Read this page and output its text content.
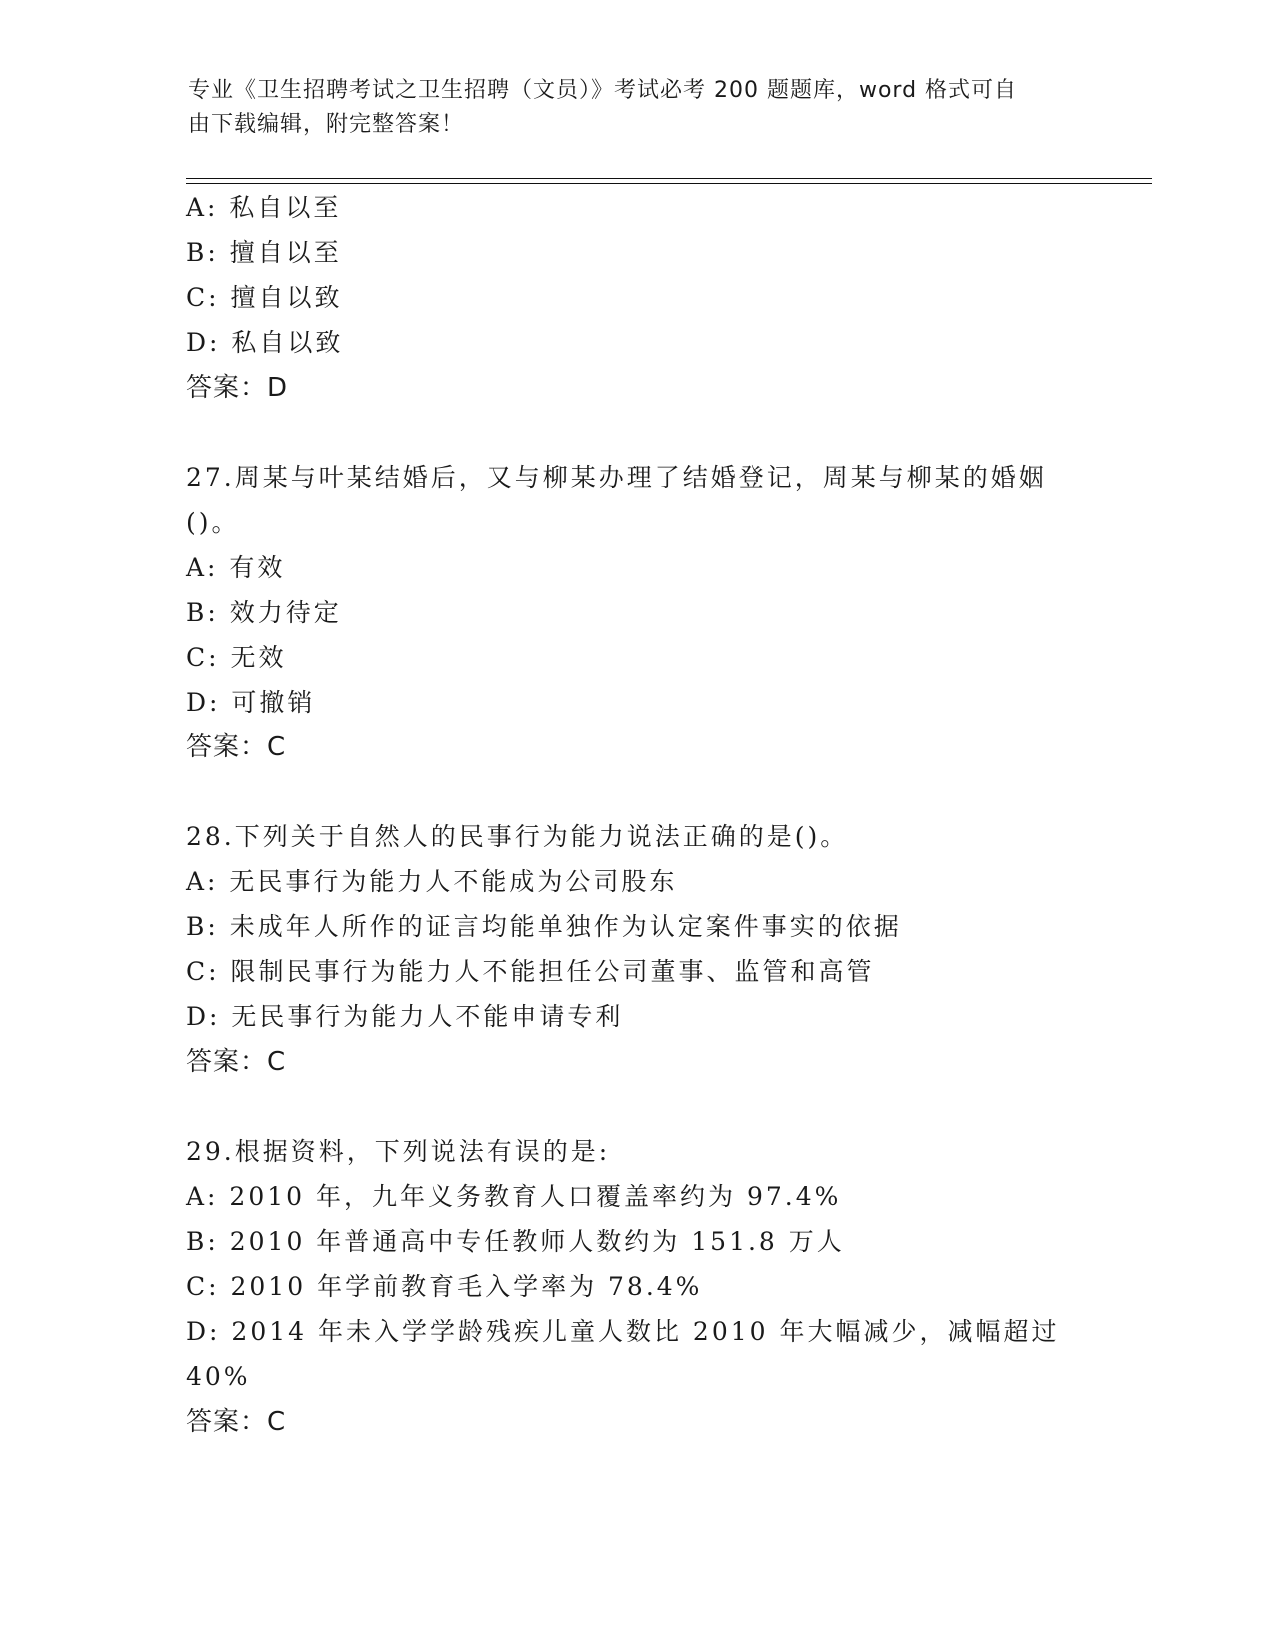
专业《卫生招聘考试之卫生招聘（文员）》考试必考 200 题题库，word 格式可自
由下载编辑，附完整答案！
A: 私自以至
B: 擅自以至
C: 擅自以致
D: 私自以致
答案：D
27.周某与叶某结婚后，又与柳某办理了结婚登记，周某与柳某的婚姻
()。
A: 有效
B: 效力待定
C: 无效
D: 可撤销
答案：C
28.下列关于自然人的民事行为能力说法正确的是()。
A: 无民事行为能力人不能成为公司股东
B: 未成年人所作的证言均能单独作为认定案件事实的依据
C: 限制民事行为能力人不能担任公司董事、监管和高管
D: 无民事行为能力人不能申请专利
答案：C
29.根据资料，下列说法有误的是:
A: 2010 年，九年义务教育人口覆盖率约为 97.4%
B: 2010 年普通高中专任教师人数约为 151.8 万人
C: 2010 年学前教育毛入学率为 78.4%
D: 2014 年未入学学龄残疾儿童人数比 2010 年大幅减少，减幅超过
40%
答案：C
